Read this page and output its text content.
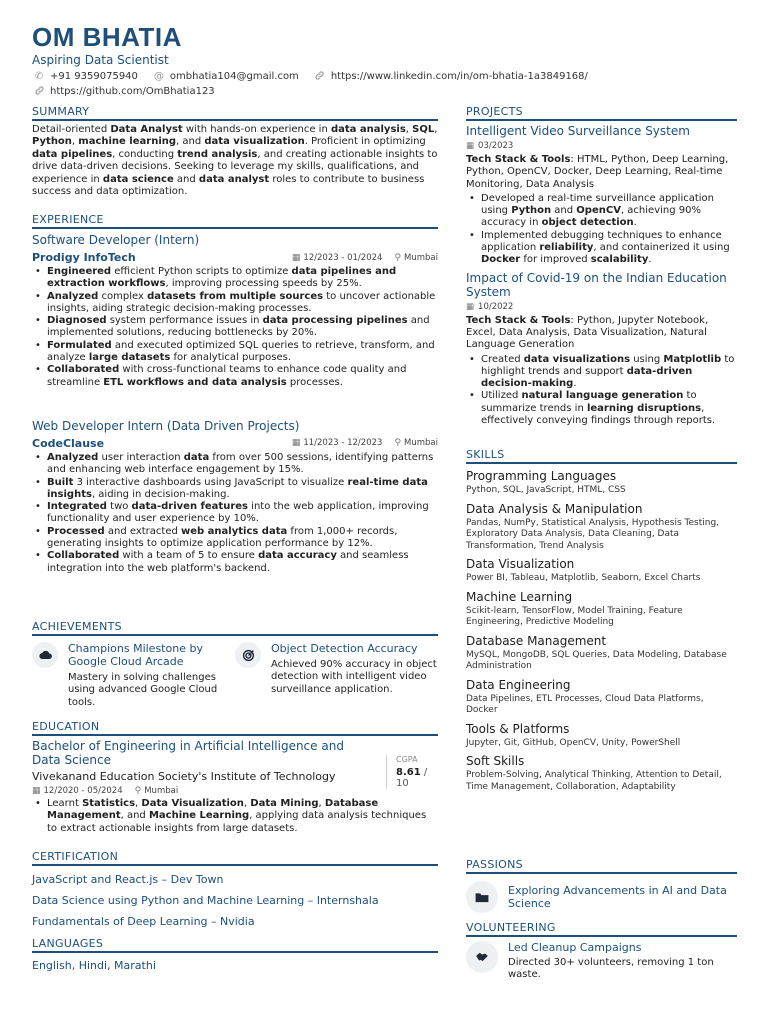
OM BHATIA
Aspiring Data Scientist
✆ +91 9359075940 @ ombhatia104@gmail.com	https://www.linkedin.com/in/om-bhatia-1a3849168/
https://github.com/OmBhatia123
SUMMARY
Detail-oriented Data Analyst with hands-on experience in data analysis, SQL, Python, machine learning, and data visualization. Proficient in optimizing data pipelines, conducting trend analysis, and creating actionable insights to drive data-driven decisions. Seeking to leverage my skills, qualifications, and experience in data science and data analyst roles to contribute to business success and data optimization.
EXPERIENCE
Software Developer (Intern)
Prodigy InfoTech	▦ 12/2023 - 01/2024 ⚲ Mumbai
• Engineered efficient Python scripts to optimize data pipelines and extraction workflows, improving processing speeds by 25%.
• Analyzed complex datasets from multiple sources to uncover actionable insights, aiding strategic decision-making processes.
• Diagnosed system performance issues in data processing pipelines and implemented solutions, reducing bottlenecks by 20%.
• Formulated and executed optimized SQL queries to retrieve, transform, and analyze large datasets for analytical purposes.
• Collaborated with cross-functional teams to enhance code quality and streamline ETL workflows and data analysis processes.
Web Developer Intern (Data Driven Projects)
CodeClause	▦ 11/2023 - 12/2023 ⚲ Mumbai
• Analyzed user interaction data from over 500 sessions, identifying patterns and enhancing web interface engagement by 15%.
• Built 3 interactive dashboards using JavaScript to visualize real-time data insights, aiding in decision-making.
• Integrated two data-driven features into the web application, improving functionality and user experience by 10%.
• Processed and extracted web analytics data from 1,000+ records, generating insights to optimize application performance by 12%.
• Collaborated with a team of 5 to ensure data accuracy and seamless integration into the web platform's backend.
ACHIEVEMENTS
Champions Milestone by Google Cloud Arcade
Mastery in solving challenges using advanced Google Cloud tools.
Object Detection Accuracy
Achieved 90% accuracy in object detection with intelligent video surveillance application.
EDUCATION
Bachelor of Engineering in Artificial Intelligence and Data Science
Vivekanand Education Society's Institute of Technology
CGPA
8.61 / 10
▦ 12/2020 - 05/2024 ⚲ Mumbai
• Learnt Statistics, Data Visualization, Data Mining, Database Management, and Machine Learning, applying data analysis techniques to extract actionable insights from large datasets.
CERTIFICATION
JavaScript and React.js – Dev Town
Data Science using Python and Machine Learning – Internshala
Fundamentals of Deep Learning – Nvidia
LANGUAGES
English, Hindi, Marathi
PROJECTS
Intelligent Video Surveillance System
▦ 03/2023
Tech Stack & Tools: HTML, Python, Deep Learning, Python, OpenCV, Docker, Deep Learning, Real-time Monitoring, Data Analysis
• Developed a real-time surveillance application using Python and OpenCV, achieving 90% accuracy in object detection.
• Implemented debugging techniques to enhance application reliability, and containerized it using Docker for improved scalability.
Impact of Covid-19 on the Indian Education System
▦ 10/2022
Tech Stack & Tools: Python, Jupyter Notebook, Excel, Data Analysis, Data Visualization, Natural Language Generation
• Created data visualizations using Matplotlib to highlight trends and support data-driven decision-making.
• Utilized natural language generation to summarize trends in learning disruptions, effectively conveying findings through reports.
SKILLS
Programming Languages
Python, SQL, JavaScript, HTML, CSS
Data Analysis & Manipulation
Pandas, NumPy, Statistical Analysis, Hypothesis Testing, Exploratory Data Analysis, Data Cleaning, Data Transformation, Trend Analysis
Data Visualization
Power BI, Tableau, Matplotlib, Seaborn, Excel Charts
Machine Learning
Scikit-learn, TensorFlow, Model Training, Feature Engineering, Predictive Modeling
Database Management
MySQL, MongoDB, SQL Queries, Data Modeling, Database Administration
Data Engineering
Data Pipelines, ETL Processes, Cloud Data Platforms, Docker
Tools & Platforms
Jupyter, Git, GitHub, OpenCV, Unity, PowerShell
Soft Skills
Problem-Solving, Analytical Thinking, Attention to Detail, Time Management, Collaboration, Adaptability
PASSIONS
Exploring Advancements in AI and Data Science
VOLUNTEERING
Led Cleanup Campaigns
Directed 30+ volunteers, removing 1 ton waste.
